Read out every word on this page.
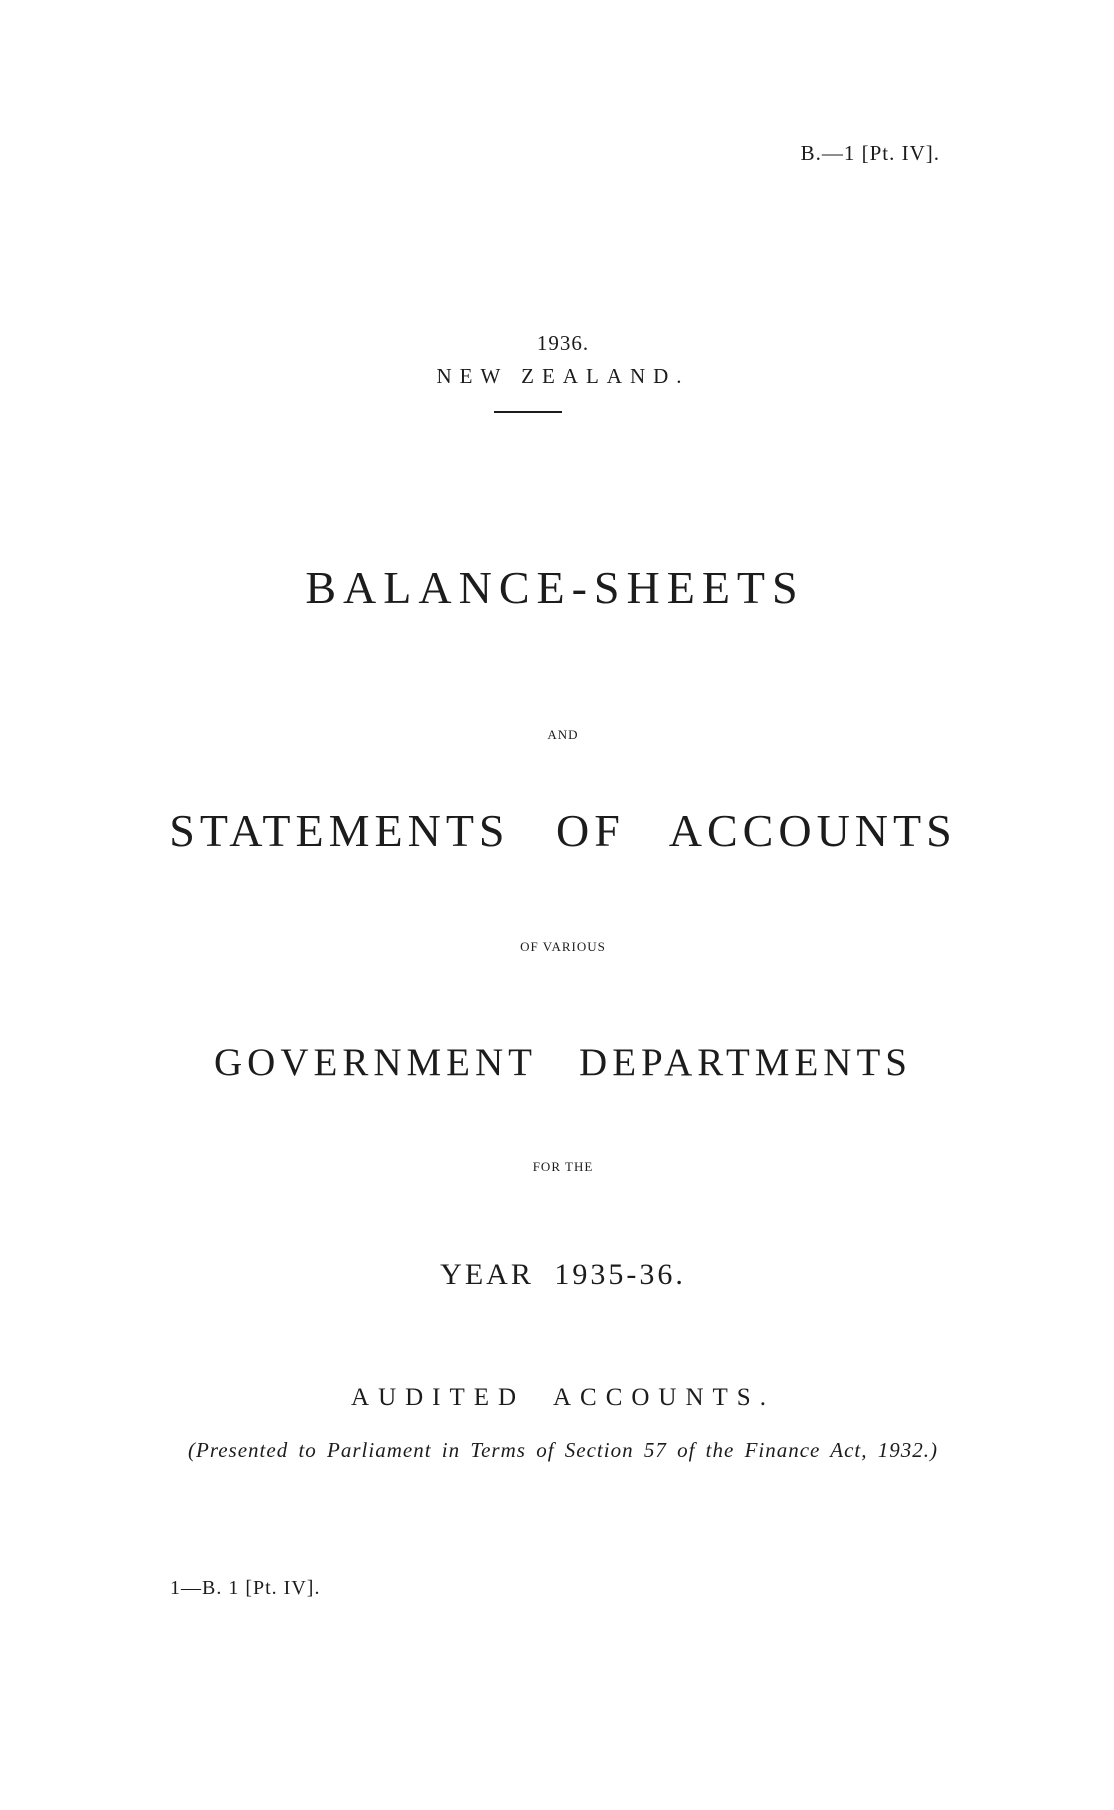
B.—1 [Pt. IV].
1936.
NEW ZEALAND.
BALANCE-SHEETS
AND
STATEMENTS OF ACCOUNTS
OF VARIOUS
GOVERNMENT DEPARTMENTS
FOR THE
YEAR 1935-36.
AUDITED ACCOUNTS.
(Presented to Parliament in Terms of Section 57 of the Finance Act, 1932.)
1—B. 1 [Pt. IV].
